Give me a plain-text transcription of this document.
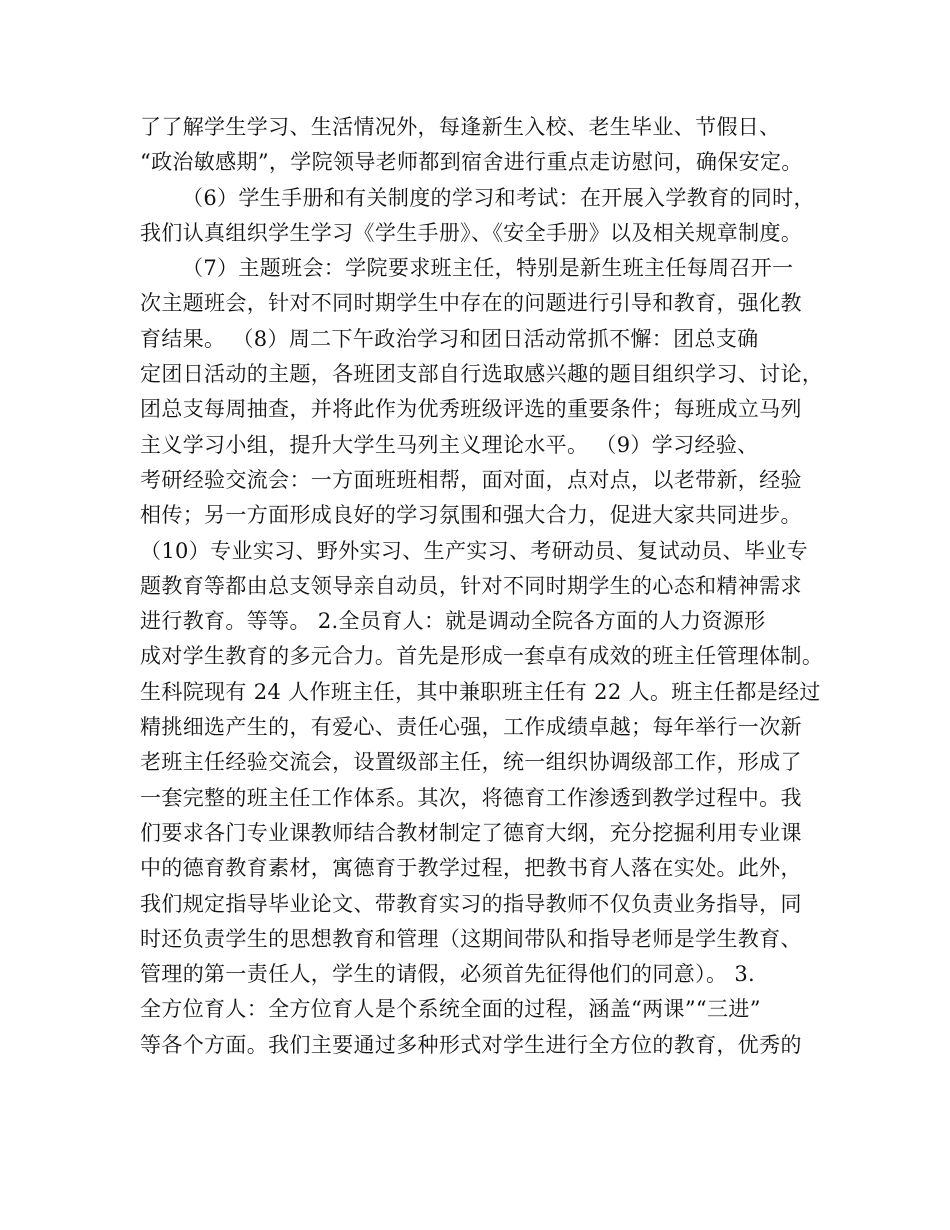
了了解学生学习、生活情况外，每逢新生入校、老生毕业、节假日、
“政治敏感期”，学院领导老师都到宿舍进行重点走访慰问，确保安定。
（6）学生手册和有关制度的学习和考试：在开展入学教育的同时，
我们认真组织学生学习《学生手册》、《安全手册》以及相关规章制度。
（7）主题班会：学院要求班主任，特别是新生班主任每周召开一
次主题班会，针对不同时期学生中存在的问题进行引导和教育，强化教
育结果。 （8）周二下午政治学习和团日活动常抓不懈：团总支确
定团日活动的主题，各班团支部自行选取感兴趣的题目组织学习、讨论，
团总支每周抽查，并将此作为优秀班级评选的重要条件；每班成立马列
主义学习小组，提升大学生马列主义理论水平。 （9）学习经验、
考研经验交流会：一方面班班相帮，面对面，点对点，以老带新，经验
相传；另一方面形成良好的学习氛围和强大合力，促进大家共同进步。
（10）专业实习、野外实习、生产实习、考研动员、复试动员、毕业专
题教育等都由总支领导亲自动员，针对不同时期学生的心态和精神需求
进行教育。等等。 2.全员育人：就是调动全院各方面的人力资源形
成对学生教育的多元合力。首先是形成一套卓有成效的班主任管理体制。
生科院现有 24 人作班主任，其中兼职班主任有 22 人。班主任都是经过
精挑细选产生的，有爱心、责任心强，工作成绩卓越；每年举行一次新
老班主任经验交流会，设置级部主任，统一组织协调级部工作，形成了
一套完整的班主任工作体系。其次，将德育工作渗透到教学过程中。我
们要求各门专业课教师结合教材制定了德育大纲，充分挖掘利用专业课
中的德育教育素材，寓德育于教学过程，把教书育人落在实处。此外，
我们规定指导毕业论文、带教育实习的指导教师不仅负责业务指导，同
时还负责学生的思想教育和管理（这期间带队和指导老师是学生教育、
管理的第一责任人，学生的请假，必须首先征得他们的同意）。 3.
全方位育人：全方位育人是个系统全面的过程，涵盖“两课”“三进”
等各个方面。我们主要通过多种形式对学生进行全方位的教育，优秀的
